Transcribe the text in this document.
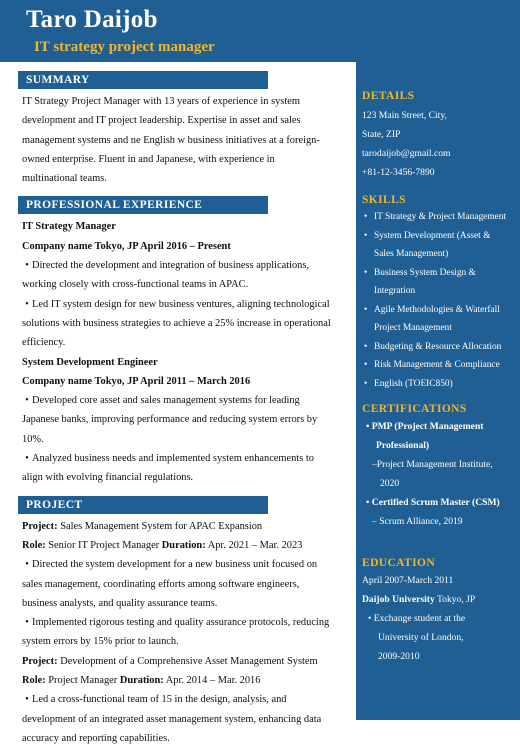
Taro Daijob
IT strategy project manager
SUMMARY
IT Strategy Project Manager with 13 years of experience in system
development and IT project leadership. Expertise in asset and sales
management systems and ne English w business initiatives at a foreign-
owned enterprise. Fluent in and Japanese, with experience in
multinational teams.
PROFESSIONAL EXPERIENCE
IT Strategy Manager
Company name Tokyo, JP April 2016 – Present
• Directed the development and integration of business applications,
working closely with cross-functional teams in APAC.
• Led IT system design for new business ventures, aligning technological
solutions with business strategies to achieve a 25% increase in operational
efficiency.
System Development Engineer
Company name Tokyo, JP April 2011 – March 2016
• Developed core asset and sales management systems for leading
Japanese banks, improving performance and reducing system errors by
10%.
• Analyzed business needs and implemented system enhancements to
align with evolving financial regulations.
PROJECT
Project: Sales Management System for APAC Expansion
Role: Senior IT Project Manager Duration: Apr. 2021 – Mar. 2023
• Directed the system development for a new business unit focused on
sales management, coordinating efforts among software engineers,
business analysts, and quality assurance teams.
• Implemented rigorous testing and quality assurance protocols, reducing
system errors by 15% prior to launch.
Project: Development of a Comprehensive Asset Management System
Role: Project Manager Duration: Apr. 2014 – Mar. 2016
• Led a cross-functional team of 15 in the design, analysis, and
development of an integrated asset management system, enhancing data
accuracy and reporting capabilities.
DETAILS
123 Main Street, City,
State, ZIP
tarodaijob@gmail.com
+81-12-3456-7890
SKILLS
• IT Strategy & Project Management
• System Development (Asset &
Sales Management)
• Business System Design &
Integration
• Agile Methodologies & Waterfall
Project Management
• Budgeting & Resource Allocation
• Risk Management & Compliance
• English (TOEIC850)
CERTIFICATIONS
• PMP (Project Management
Professional)
–Project Management Institute,
2020
• Certified Scrum Master (CSM)
– Scrum Alliance, 2019
EDUCATION
April 2007-March 2011
Daijob University Tokyo, JP
• Exchange student at the
University of London,
2009-2010
